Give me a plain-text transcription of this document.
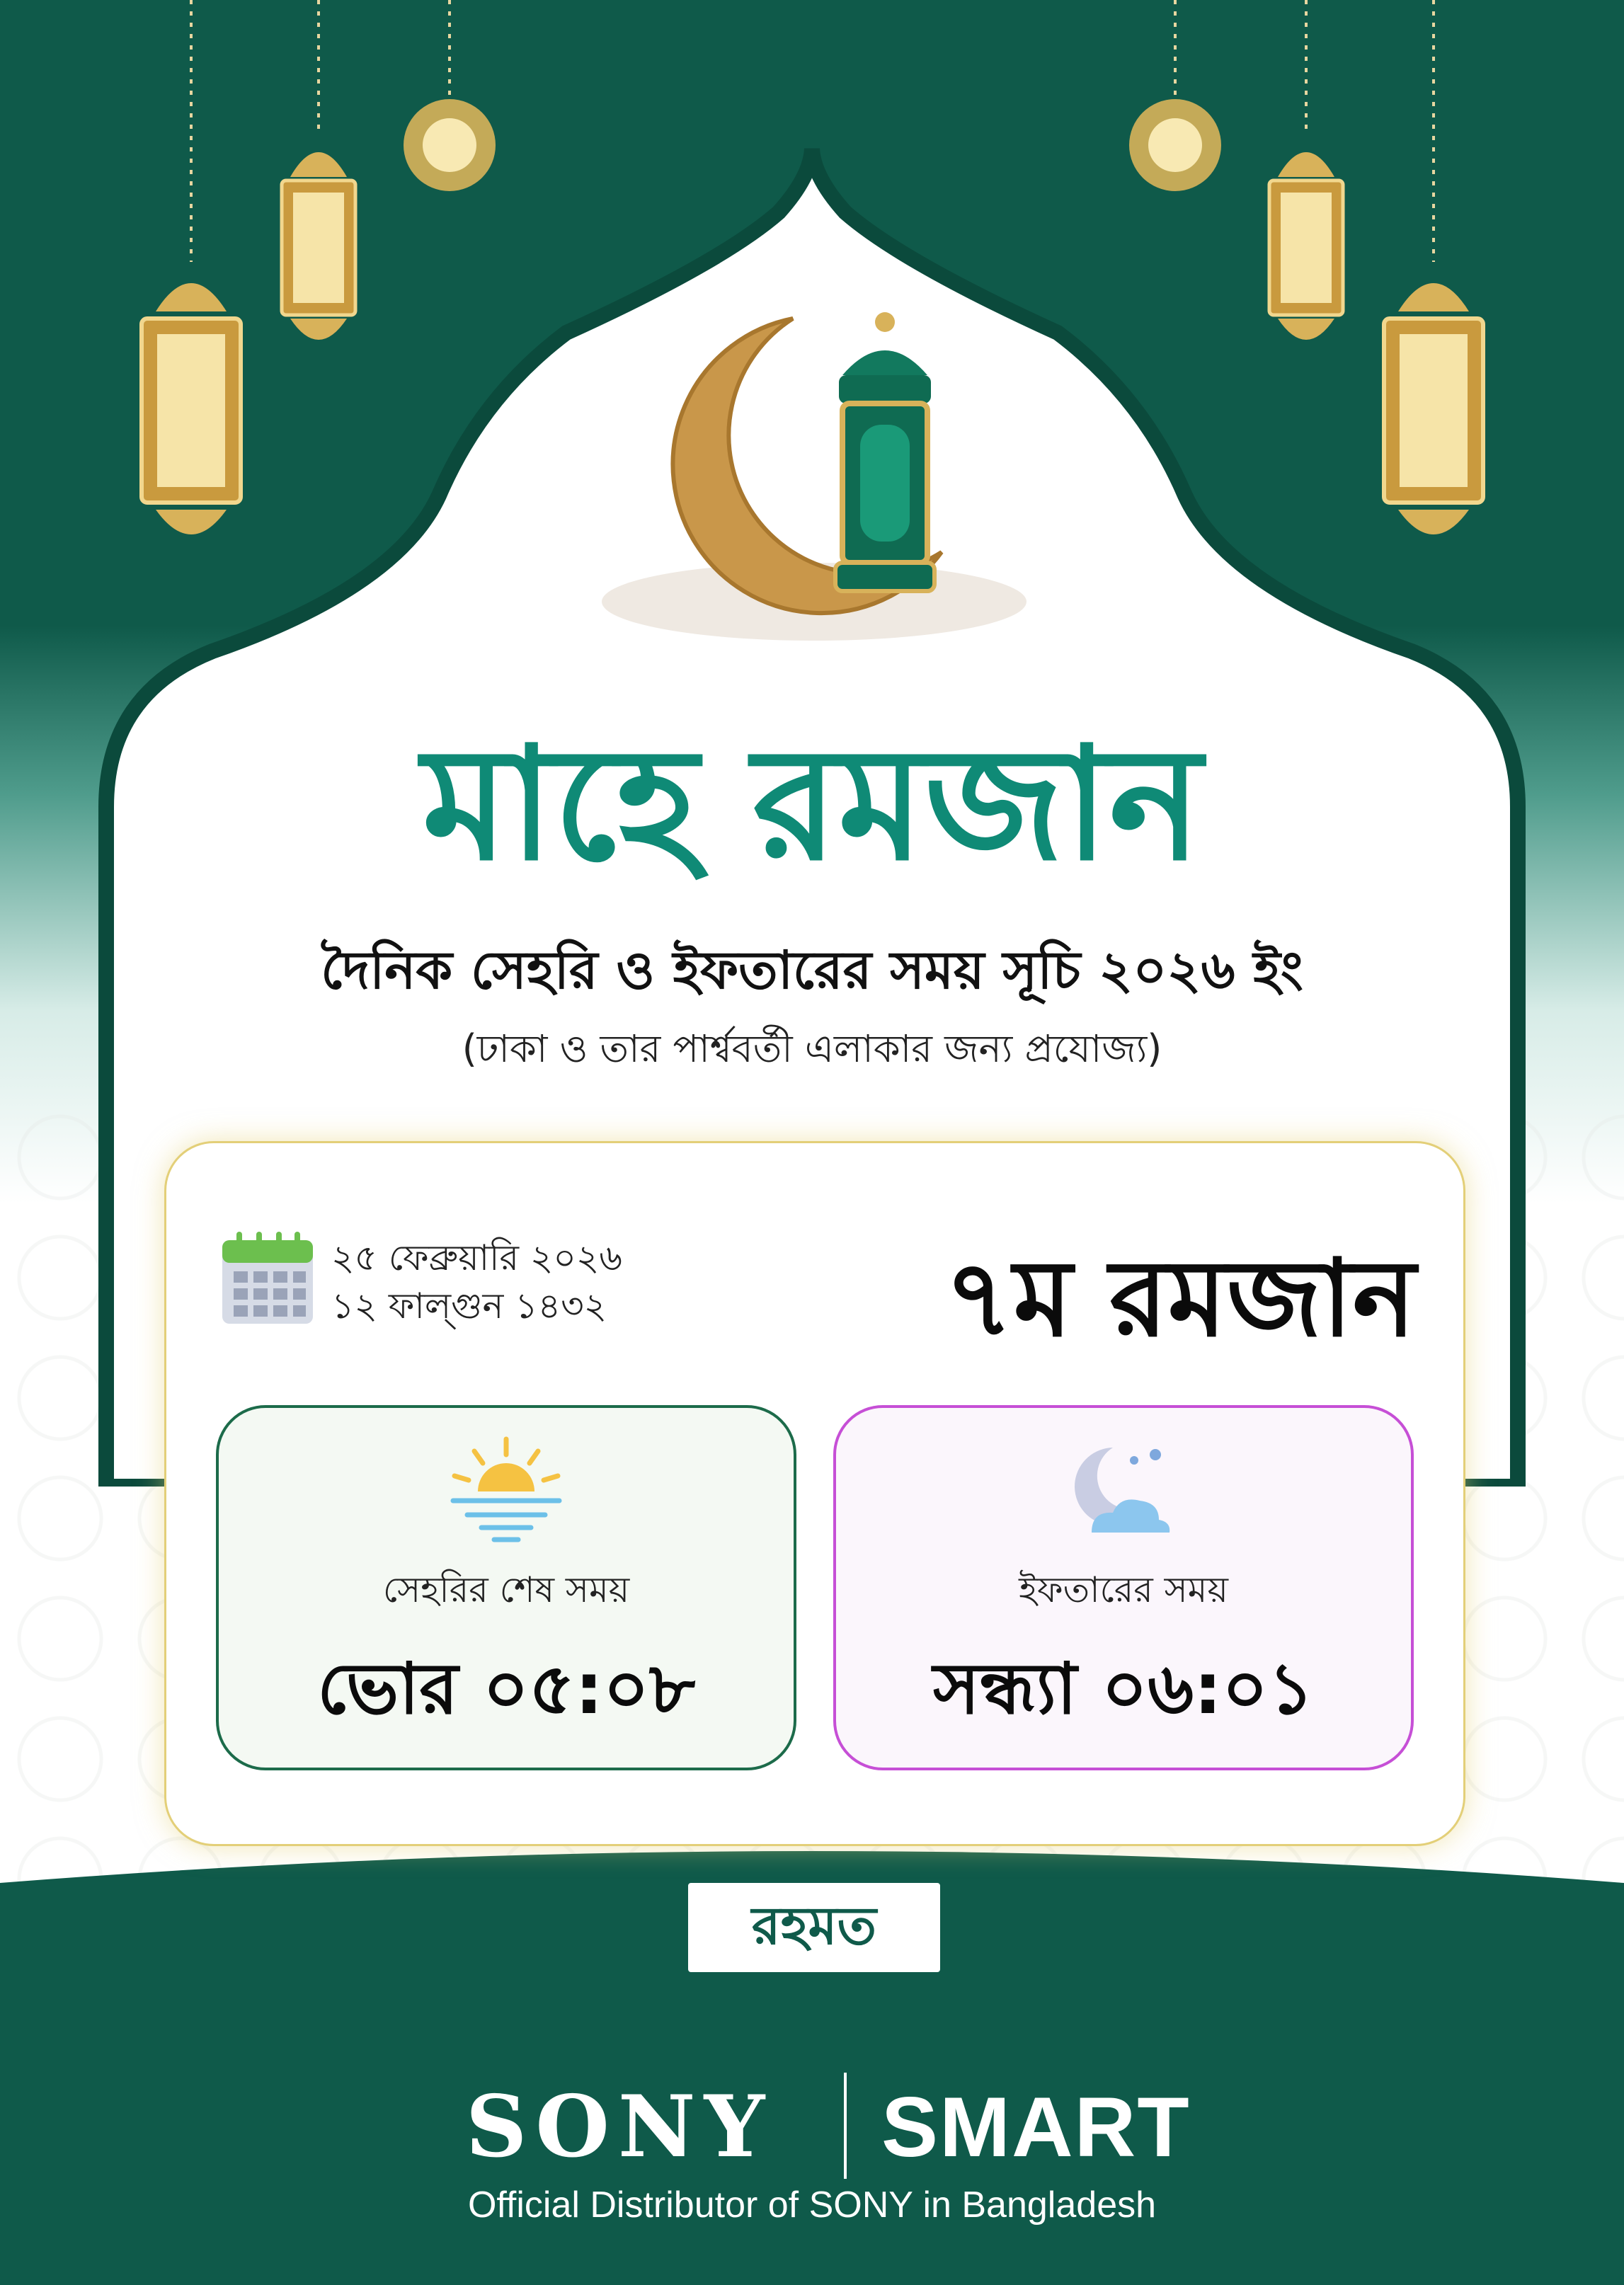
মাহে রমজান
দৈনিক সেহরি ও ইফতারের সময় সূচি ২০২৬ ইং
(ঢাকা ও তার পার্শ্ববর্তী এলাকার জন্য প্রযোজ্য)
২৫ ফেব্রুয়ারি ২০২৬
১২ ফাল্গুন ১৪৩২	৭ম রমজান
সেহরির শেষ সময়
ভোর ০৫:০৮
ইফতারের সময়
সন্ধ্যা ০৬:০১
রহমত
SONY SMART
Official Distributor of SONY in Bangladesh
